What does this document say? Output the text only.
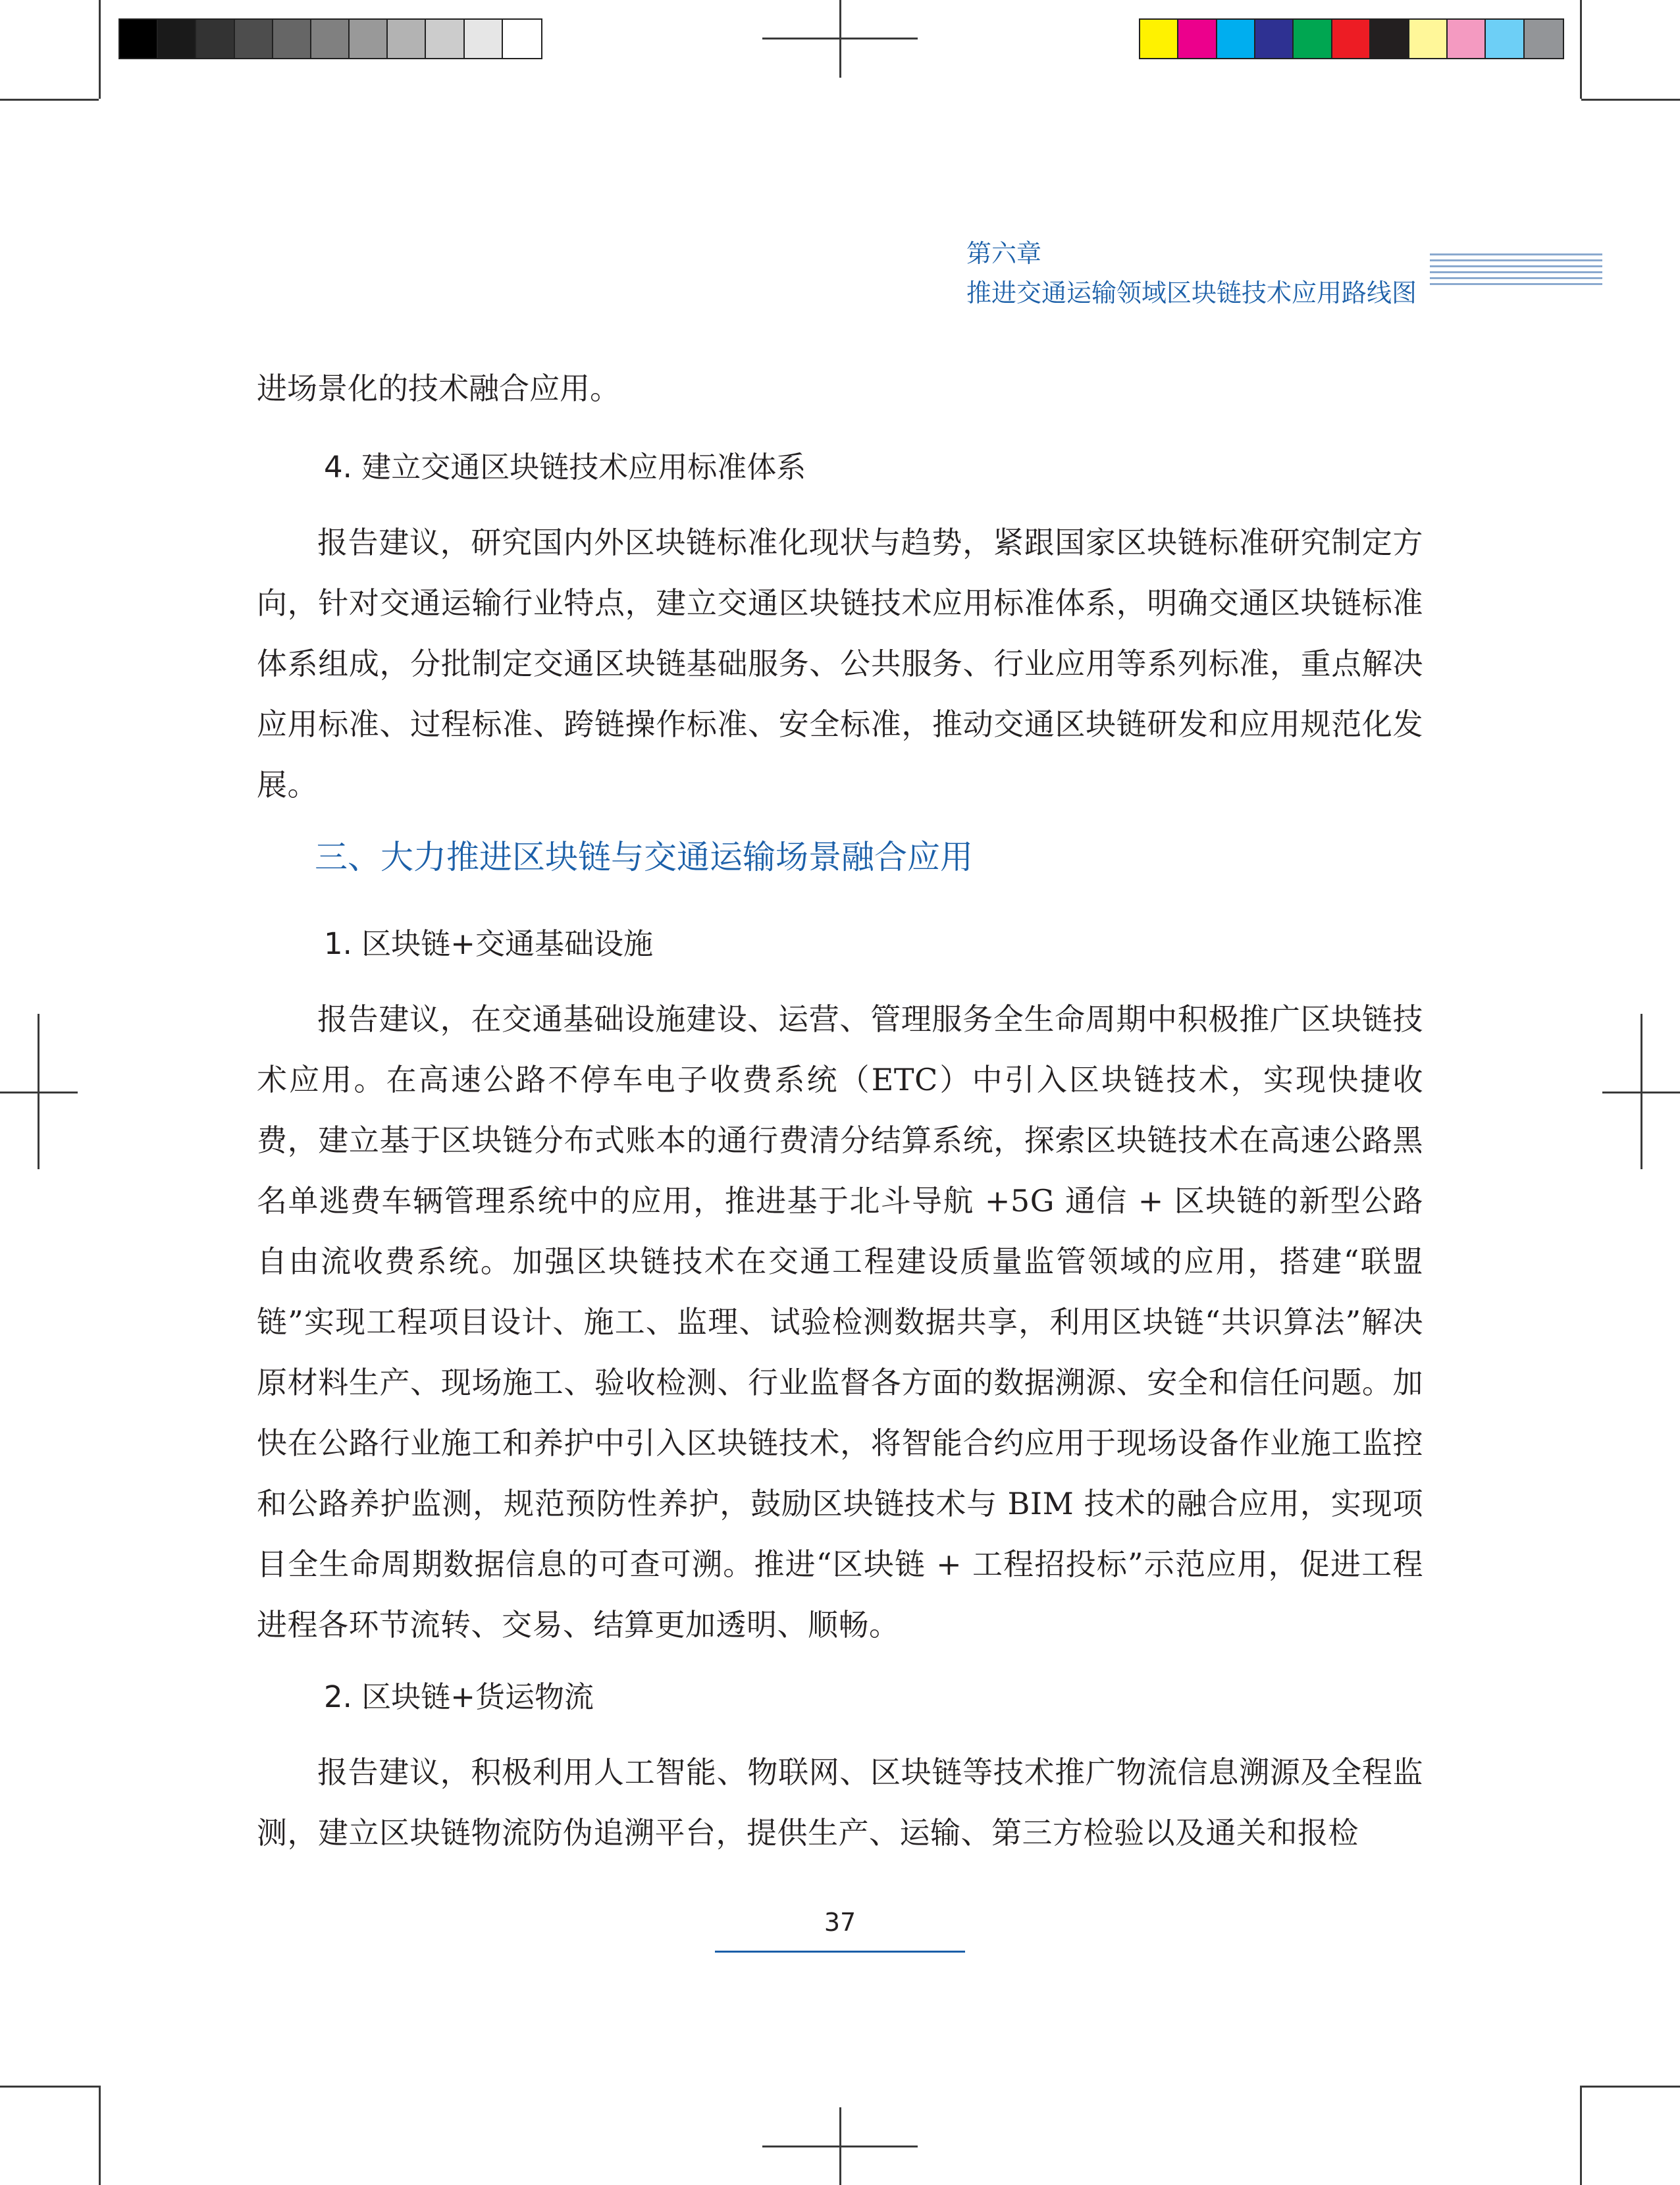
第六章
推进交通运输领域区块链技术应用路线图

进场景化的技术融合应用。

4. 建立交通区块链技术应用标准体系

报告建议，研究国内外区块链标准化现状与趋势，紧跟国家区块链标准研究制定方向，针对交通运输行业特点，建立交通区块链技术应用标准体系，明确交通区块链标准体系组成，分批制定交通区块链基础服务、公共服务、行业应用等系列标准，重点解决应用标准、过程标准、跨链操作标准、安全标准，推动交通区块链研发和应用规范化发展。

三、大力推进区块链与交通运输场景融合应用
1. 区块链+交通基础设施

报告建议，在交通基础设施建设、运营、管理服务全生命周期中积极推广区块链技术应用。在高速公路不停车电子收费系统（ETC）中引入区块链技术，实现快捷收费，建立基于区块链分布式账本的通行费清分结算系统，探索区块链技术在高速公路黑名单逃费车辆管理系统中的应用，推进基于北斗导航 +5G 通信 + 区块链的新型公路自由流收费系统。加强区块链技术在交通工程建设质量监管领域的应用，搭建“联盟链”实现工程项目设计、施工、监理、试验检测数据共享，利用区块链“共识算法”解决原材料生产、现场施工、验收检测、行业监督各方面的数据溯源、安全和信任问题。加快在公路行业施工和养护中引入区块链技术，将智能合约应用于现场设备作业施工监控和公路养护监测，规范预防性养护，鼓励区块链技术与 BIM 技术的融合应用，实现项目全生命周期数据信息的可查可溯。推进“区块链 + 工程招投标”示范应用，促进工程进程各环节流转、交易、结算更加透明、顺畅。

2. 区块链+货运物流

报告建议，积极利用人工智能、物联网、区块链等技术推广物流信息溯源及全程监测，建立区块链物流防伪追溯平台，提供生产、运输、第三方检验以及通关和报检

37
